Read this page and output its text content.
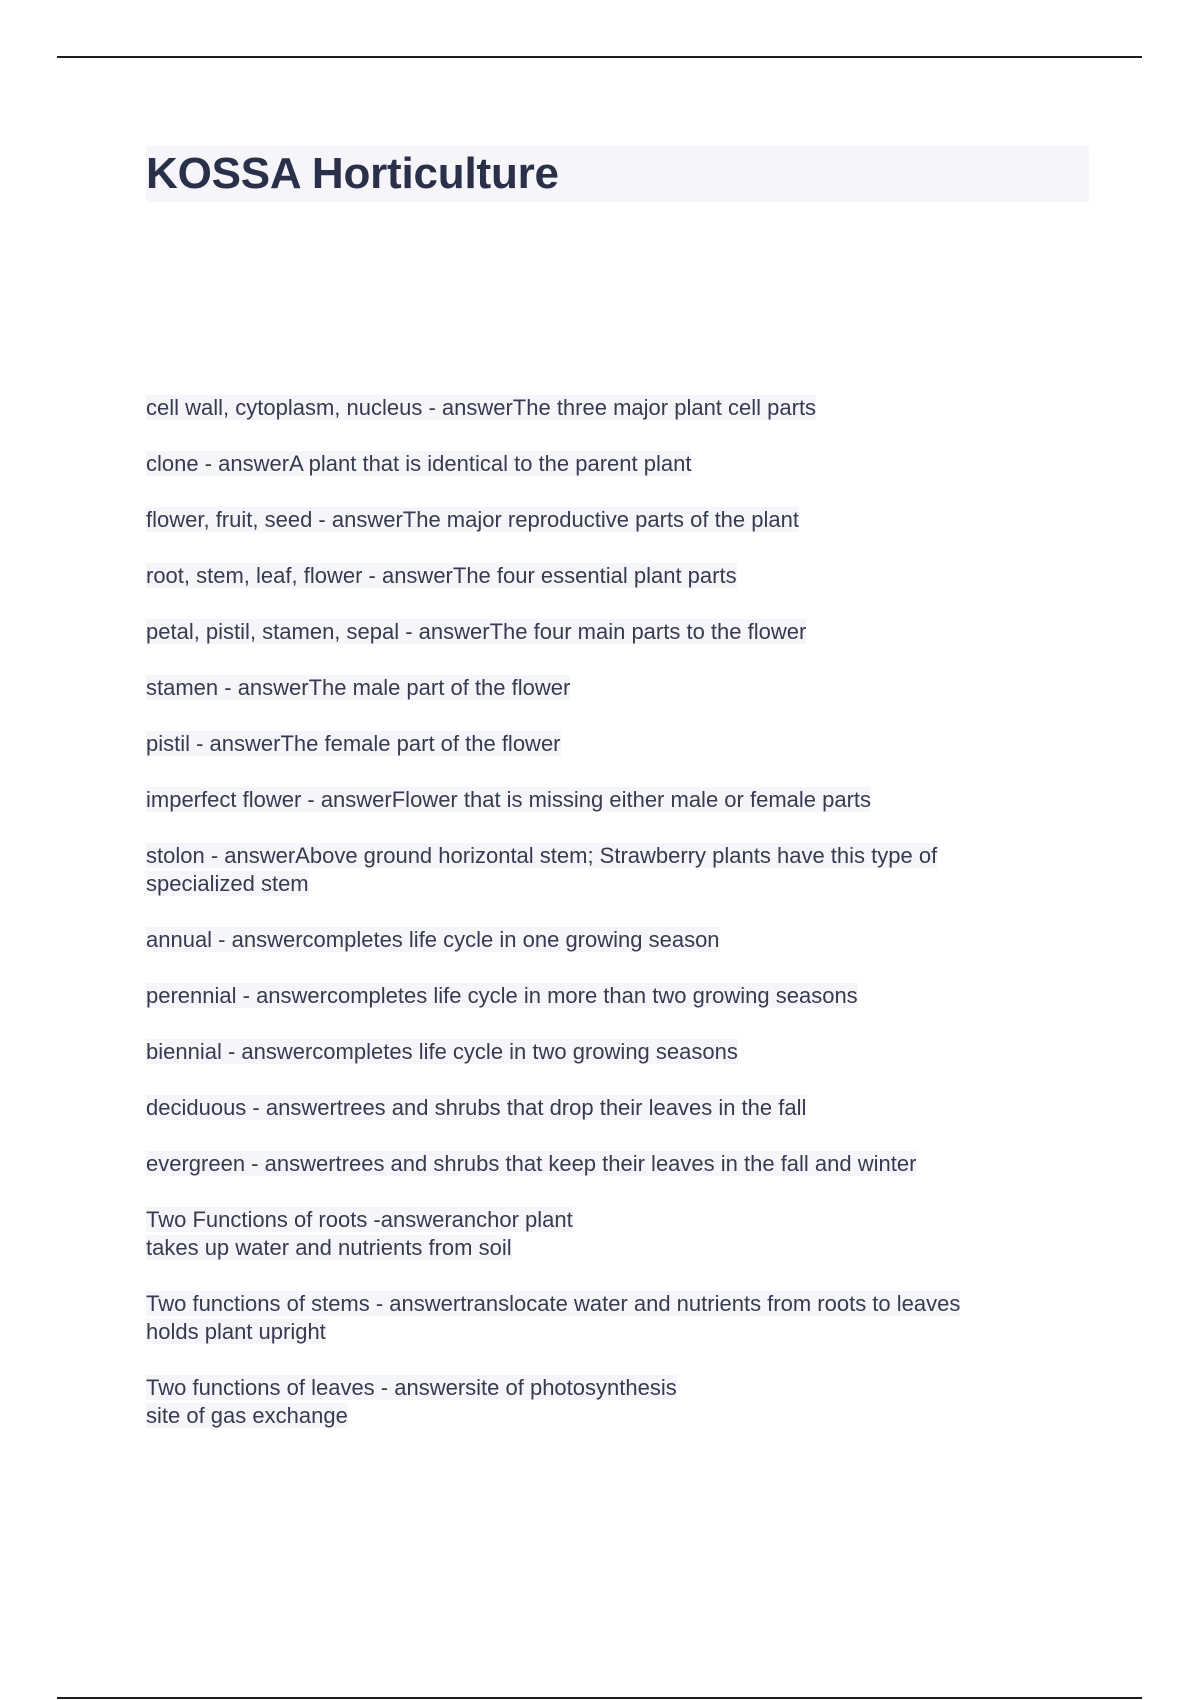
KOSSA Horticulture
cell wall, cytoplasm, nucleus - answerThe three major plant cell parts
clone - answerA plant that is identical to the parent plant
flower, fruit, seed - answerThe major reproductive parts of the plant
root, stem, leaf, flower - answerThe four essential plant parts
petal, pistil, stamen, sepal - answerThe four main parts to the flower
stamen - answerThe male part of the flower
pistil - answerThe female part of the flower
imperfect flower - answerFlower that is missing either male or female parts
stolon - answerAbove ground horizontal stem; Strawberry plants have this type of specialized stem
annual - answercompletes life cycle in one growing season
perennial - answercompletes life cycle in more than two growing seasons
biennial - answercompletes life cycle in two growing seasons
deciduous - answertrees and shrubs that drop their leaves in the fall
evergreen - answertrees and shrubs that keep their leaves in the fall and winter
Two Functions of roots -answeranchor plant
takes up water and nutrients from soil
Two functions of stems - answertranslocate water and nutrients from roots to leaves
holds plant upright
Two functions of leaves - answersite of photosynthesis
site of gas exchange
